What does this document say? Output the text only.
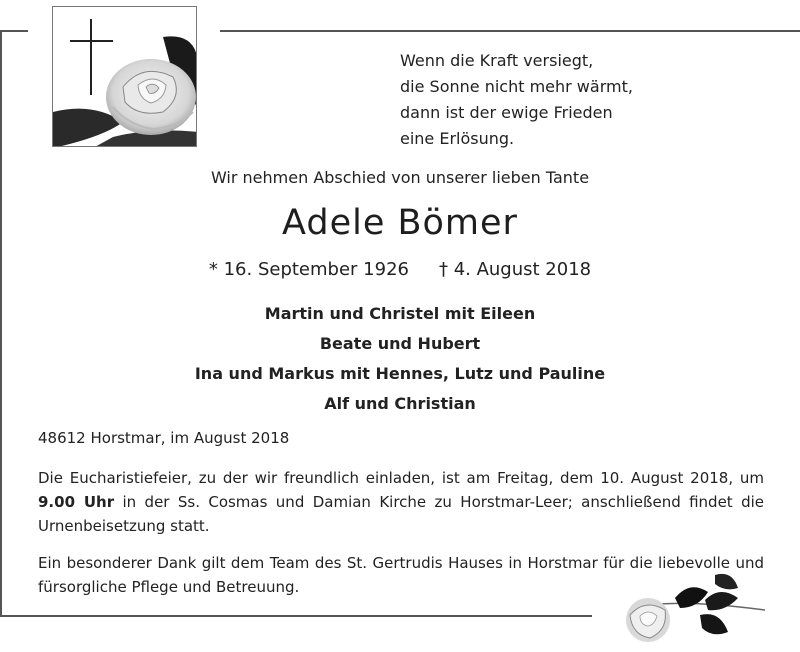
Wenn die Kraft versiegt,
die Sonne nicht mehr wärmt,
dann ist der ewige Frieden
eine Erlösung.
Wir nehmen Abschied von unserer lieben Tante
Adele Bömer
* 16. September 1926 † 4. August 2018
Martin und Christel mit Eileen
Beate und Hubert
Ina und Markus mit Hennes, Lutz und Pauline
Alf und Christian
48612 Horstmar, im August 2018
Die Eucharistiefeier, zu der wir freundlich einladen, ist am Freitag, dem 10. August 2018, um 9.00 Uhr in der Ss. Cosmas und Damian Kirche zu Horstmar-Leer; anschließend findet die Urnenbeisetzung statt.
Ein besonderer Dank gilt dem Team des St. Gertrudis Hauses in Horstmar für die liebevolle und fürsorgliche Pflege und Betreuung.
